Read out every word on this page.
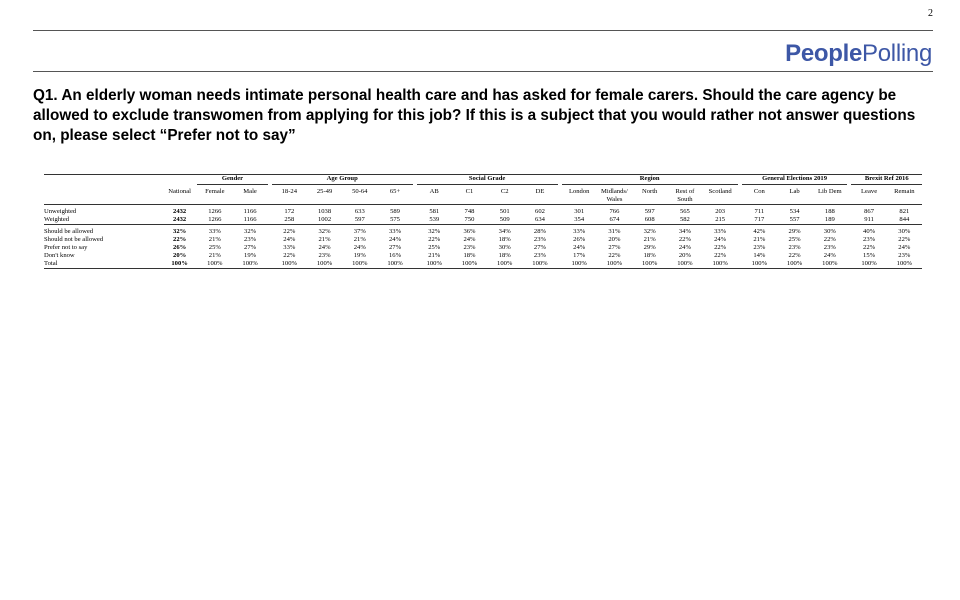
2
PeoplePolling
Q1. An elderly woman needs intimate personal health care and has asked for female carers. Should the care agency be allowed to exclude transwomen from applying for this job? If this is a subject that you would rather not answer questions on, please select “Prefer not to say”
		Gender			Age Group					Social Grade					Region						General Elections 2019				Brexit Ref 2016	
	National	Female	Male		18-24	25-49	50-64	65+		AB	C1	C2	DE		London	Midlands/ Wales	North	Rest of South	Scotland		Con	Lab	Lib Dem		Leave	Remain
Unweighted	2432	1266	1166		172	1038	633	589		581	748	501	602		301	766	597	565	203		711	534	188		867	821
Weighted	2432	1266	1166		258	1002	597	575		539	750	509	634		354	674	608	582	215		717	557	189		911	844
Should be allowed	32%	33%	32%		22%	32%	37%	33%		32%	36%	34%	28%		33%	31%	32%	34%	33%		42%	29%	30%		40%	30%
Should not be allowed	22%	21%	23%		24%	21%	21%	24%		22%	24%	18%	23%		26%	20%	21%	22%	24%		21%	25%	22%		23%	22%
Prefer not to say	26%	25%	27%		33%	24%	24%	27%		25%	23%	30%	27%		24%	27%	29%	24%	22%		23%	23%	23%		22%	24%
Don't know	20%	21%	19%		22%	23%	19%	16%		21%	18%	18%	23%		17%	22%	18%	20%	22%		14%	22%	24%		15%	23%
Total	100%	100%	100%		100%	100%	100%	100%		100%	100%	100%	100%		100%	100%	100%	100%	100%		100%	100%	100%		100%	100%
